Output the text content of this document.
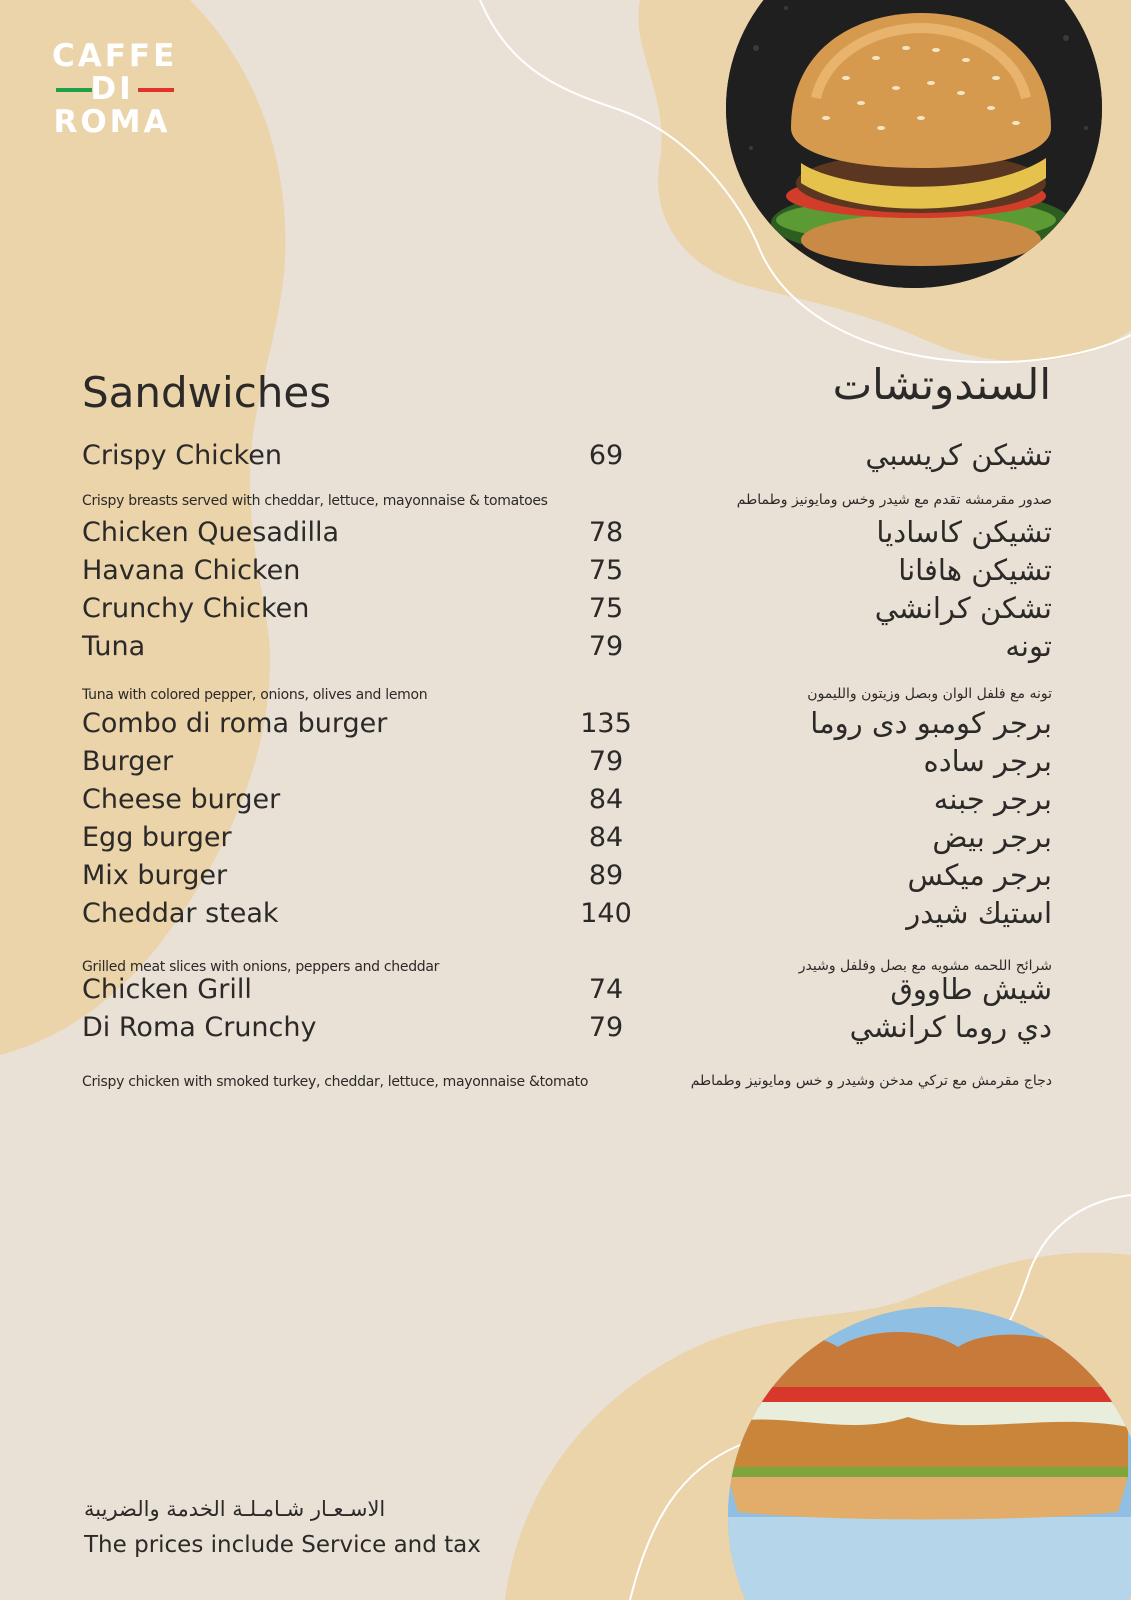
CAFFE
DI
ROMA
Sandwiches	السندوتشات
Crispy Chicken	69	تشيكن كريسبي
Crispy breasts served with cheddar, lettuce, mayonnaise & tomatoes	صدور مقرمشه تقدم مع شيدر وخس ومايونيز وطماطم
Chicken Quesadilla	78	تشيكن كاساديا
Havana Chicken	75	تشيكن هافانا
Crunchy Chicken	75	تشكن كرانشي
Tuna	79	تونه
Tuna with colored pepper, onions, olives and lemon	تونه مع فلفل الوان وبصل وزيتون والليمون
Combo di roma burger	135	برجر كومبو دى روما
Burger	79	برجر ساده
Cheese burger	84	برجر جبنه
Egg burger	84	برجر بيض
Mix burger	89	برجر ميكس
Cheddar steak	140	استيك شيدر
Grilled meat slices with onions, peppers and cheddar	شرائح اللحمه مشويه مع بصل وفلفل وشيدر
Chicken Grill	74	شيش طاووق
Di Roma Crunchy	79	دي روما كرانشي
Crispy chicken with smoked turkey, cheddar, lettuce, mayonnaise &tomato	دجاج مقرمش مع تركي مدخن وشيدر و خس ومايونيز وطماطم
الاسـعـار شـامـلـة الخدمة والضريبة
The prices include Service and tax
